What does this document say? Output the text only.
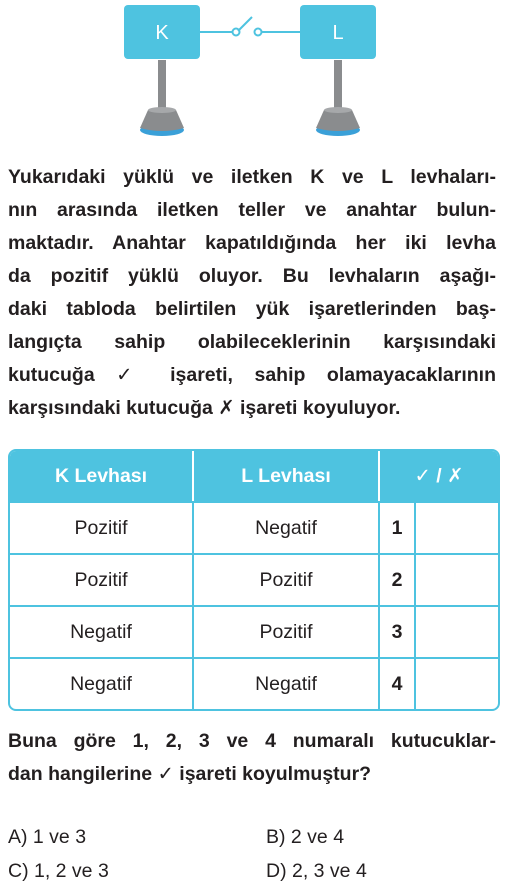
K	L

Yukarıdaki yüklü ve iletken K ve L levhaları-
nın arasında iletken teller ve anahtar bulun-
maktadır. Anahtar kapatıldığında her iki levha
da pozitif yüklü oluyor. Bu levhaların aşağı-
daki tabloda belirtilen yük işaretlerinden baş-
langıçta sahip olabileceklerinin karşısındaki
kutucuğa ✓ işareti, sahip olamayacaklarının
karşısındaki kutucuğa ✗ işareti koyuluyor.

K Levhası	L Levhası	✓ / ✗	
Pozitif	Negatif	1	
Pozitif	Pozitif	2	
Negatif	Pozitif	3	
Negatif	Negatif	4	

Buna göre 1, 2, 3 ve 4 numaralı kutucuklar-
dan hangilerine ✓ işareti koyulmuştur?

A) 1 ve 3	B) 2 ve 4
C) 1, 2 ve 3	D) 2, 3 ve 4
